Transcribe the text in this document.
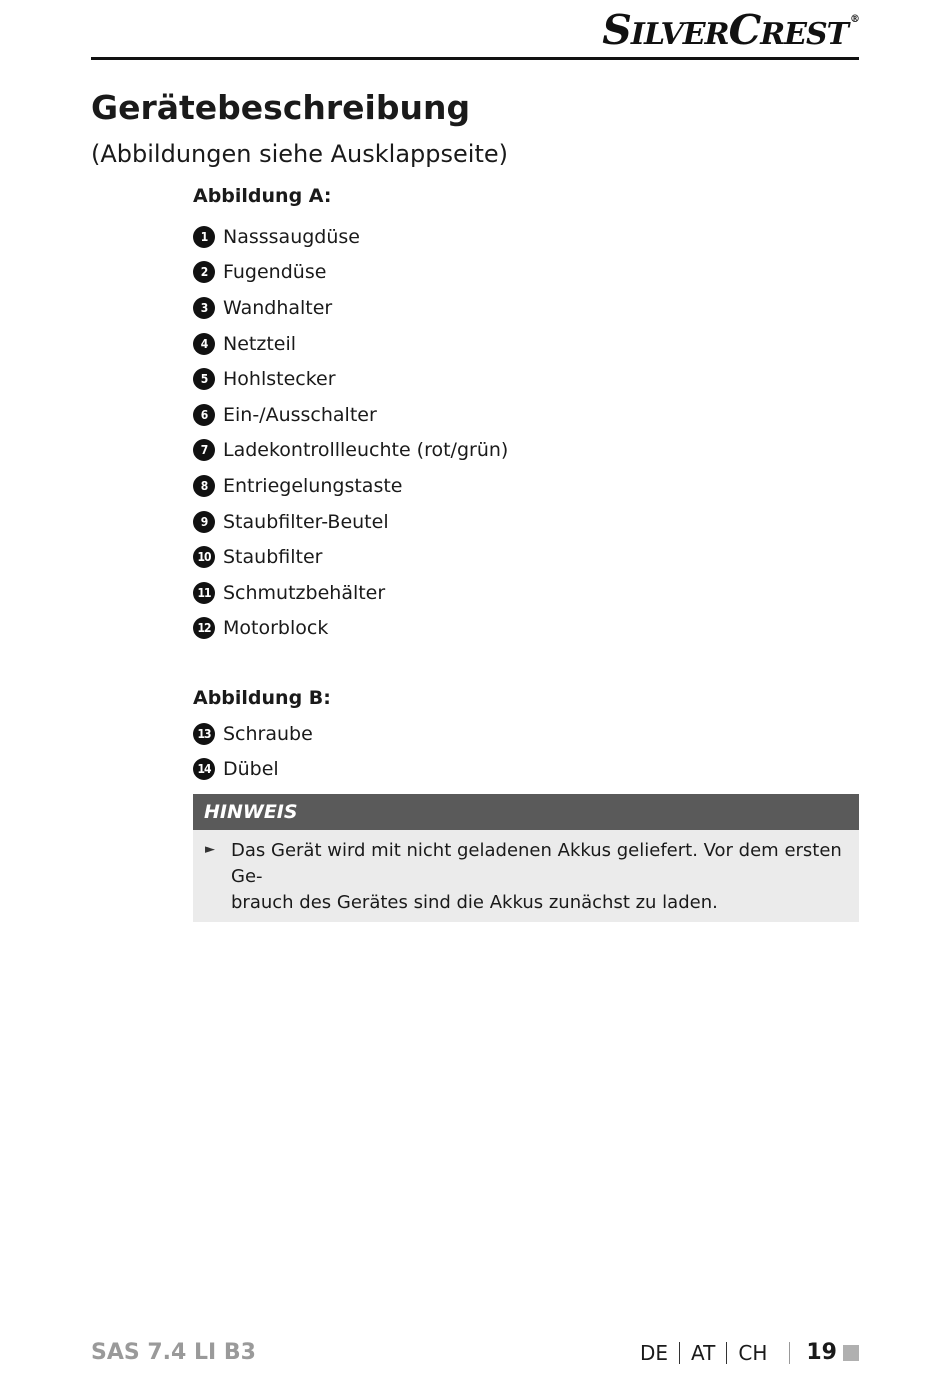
SILVERCREST ®
Gerätebeschreibung
(Abbildungen siehe Ausklappseite)
Abbildung A:
1 Nasssaugdüse
2 Fugendüse
3 Wandhalter
4 Netzteil
5 Hohlstecker
6 Ein-/Ausschalter
7 Ladekontrollleuchte (rot/grün)
8 Entriegelungstaste
9 Staubfilter-Beutel
10 Staubfilter
11 Schmutzbehälter
12 Motorblock
Abbildung B:
13 Schraube
14 Dübel
HINWEIS
► Das Gerät wird mit nicht geladenen Akkus geliefert. Vor dem ersten Ge-
brauch des Gerätes sind die Akkus zunächst zu laden.
SAS 7.4 LI B3	DE AT CH 19
